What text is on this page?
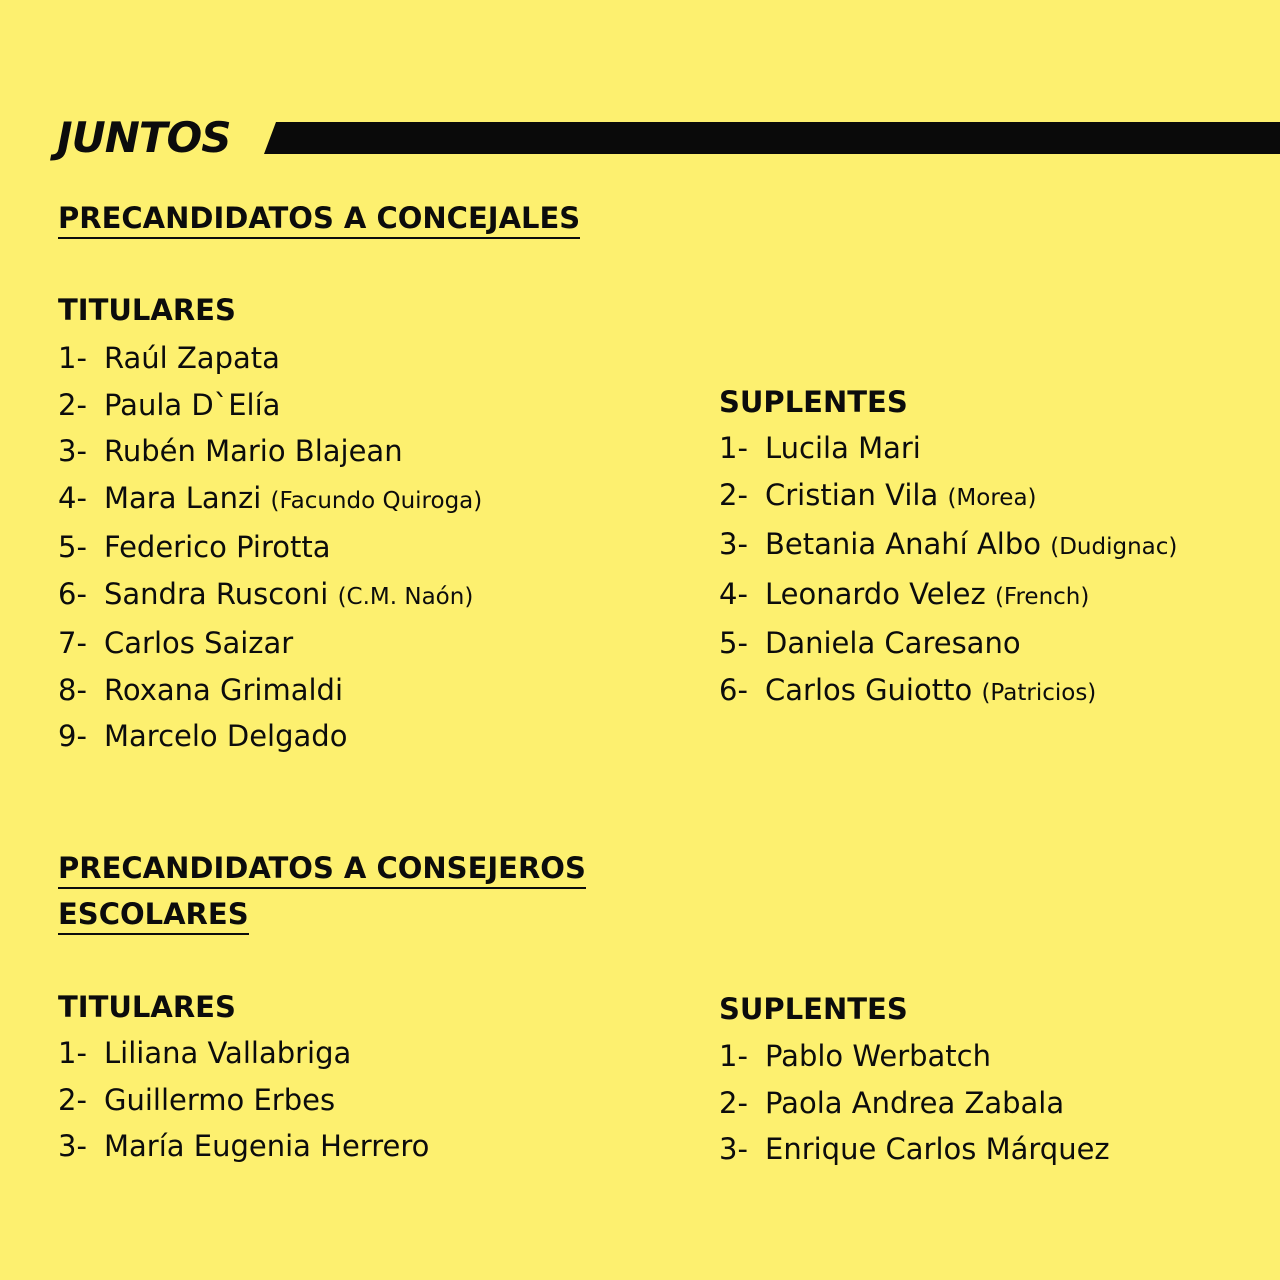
JUNTOS
PRECANDIDATOS A CONCEJALES
TITULARES
1- Raúl Zapata
2- Paula D`Elía
3- Rubén Mario Blajean
4- Mara Lanzi (Facundo Quiroga)
5- Federico Pirotta
6- Sandra Rusconi (C.M. Naón)
7- Carlos Saizar
8- Roxana Grimaldi
9- Marcelo Delgado
SUPLENTES
1- Lucila Mari
2- Cristian Vila (Morea)
3- Betania Anahí Albo (Dudignac)
4- Leonardo Velez (French)
5- Daniela Caresano
6- Carlos Guiotto (Patricios)
PRECANDIDATOS A CONSEJEROS
ESCOLARES
TITULARES
1- Liliana Vallabriga
2- Guillermo Erbes
3- María Eugenia Herrero
SUPLENTES
1- Pablo Werbatch
2- Paola Andrea Zabala
3- Enrique Carlos Márquez
